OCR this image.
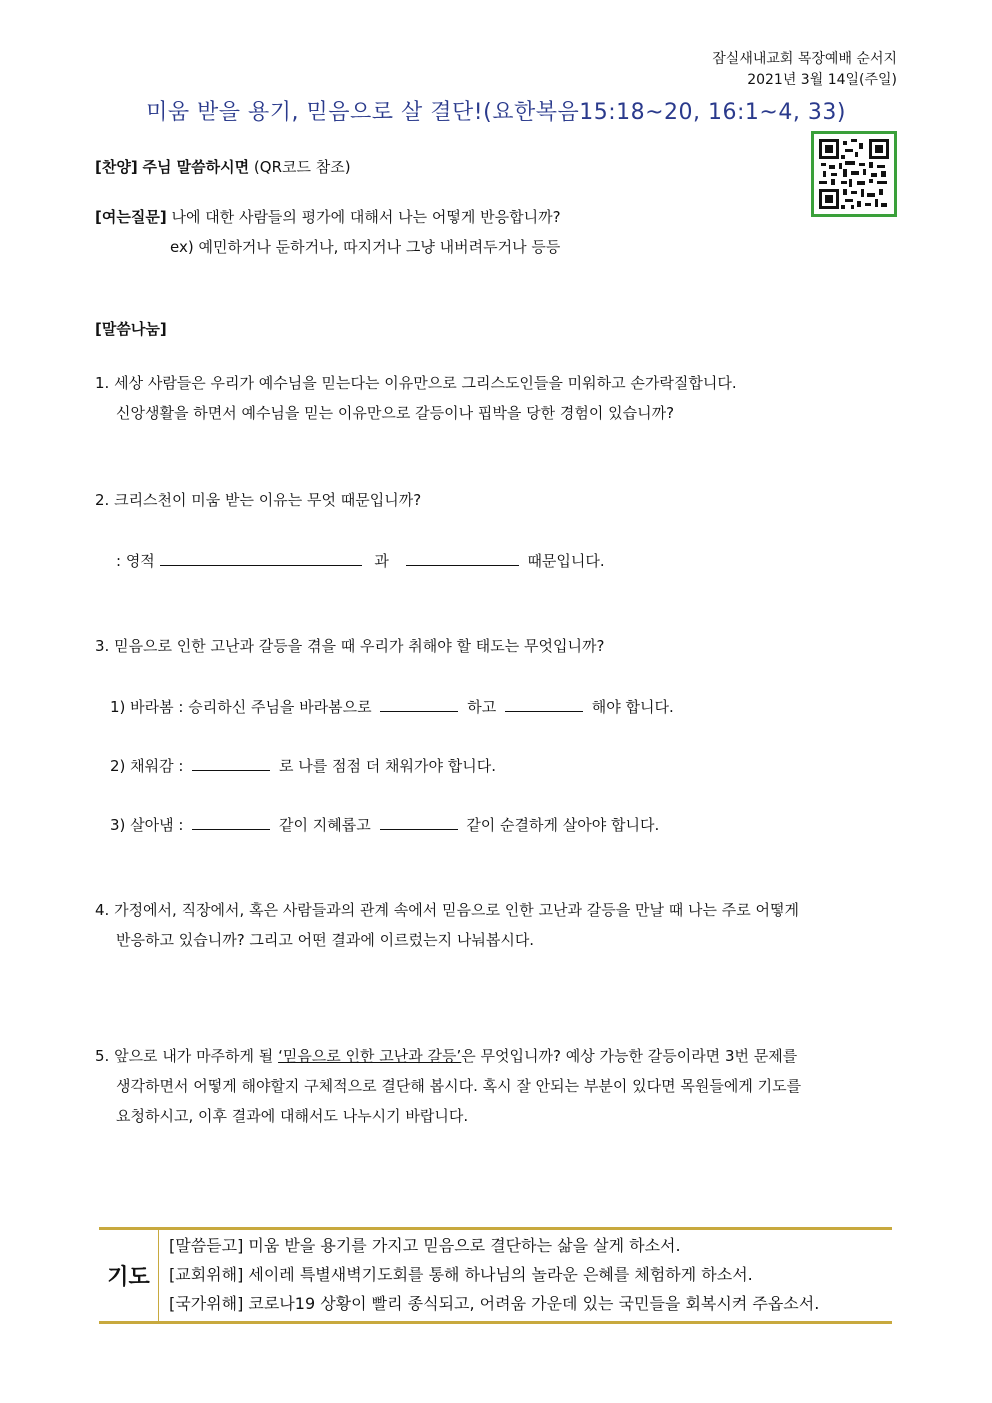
잠실새내교회 목장예배 순서지
2021년 3월 14일(주일)
미움 받을 용기, 믿음으로 살 결단!(요한복음15:18~20, 16:1~4, 33)
[찬양] 주님 말씀하시면 (QR코드 참조)
[여는질문] 나에 대한 사람들의 평가에 대해서 나는 어떻게 반응합니까?
ex) 예민하거나 둔하거나, 따지거나 그냥 내버려두거나 등등
[말씀나눔]
1. 세상 사람들은 우리가 예수님을 믿는다는 이유만으로 그리스도인들을 미워하고 손가락질합니다.
신앙생활을 하면서 예수님을 믿는 이유만으로 갈등이나 핍박을 당한 경험이 있습니까?
2. 크리스천이 미움 받는 이유는 무엇 때문입니까?
: 영적	과	때문입니다.
3. 믿음으로 인한 고난과 갈등을 겪을 때 우리가 취해야 할 태도는 무엇입니까?
1) 바라봄 : 승리하신 주님을 바라봄으로	하고	해야 합니다.
2) 채워감 :	로 나를 점점 더 채워가야 합니다.
3) 살아냄 :	같이 지혜롭고	같이 순결하게 살아야 합니다.
4. 가정에서, 직장에서, 혹은 사람들과의 관계 속에서 믿음으로 인한 고난과 갈등을 만날 때 나는 주로 어떻게
반응하고 있습니까? 그리고 어떤 결과에 이르렀는지 나눠봅시다.
5. 앞으로 내가 마주하게 될 ‘믿음으로 인한 고난과 갈등’은 무엇입니까? 예상 가능한 갈등이라면 3번 문제를
생각하면서 어떻게 해야할지 구체적으로 결단해 봅시다. 혹시 잘 안되는 부분이 있다면 목원들에게 기도를
요청하시고, 이후 결과에 대해서도 나누시기 바랍니다.
기도
[말씀듣고] 미움 받을 용기를 가지고 믿음으로 결단하는 삶을 살게 하소서.
[교회위해] 세이레 특별새벽기도회를 통해 하나님의 놀라운 은혜를 체험하게 하소서.
[국가위해] 코로나19 상황이 빨리 종식되고, 어려움 가운데 있는 국민들을 회복시켜 주옵소서.
